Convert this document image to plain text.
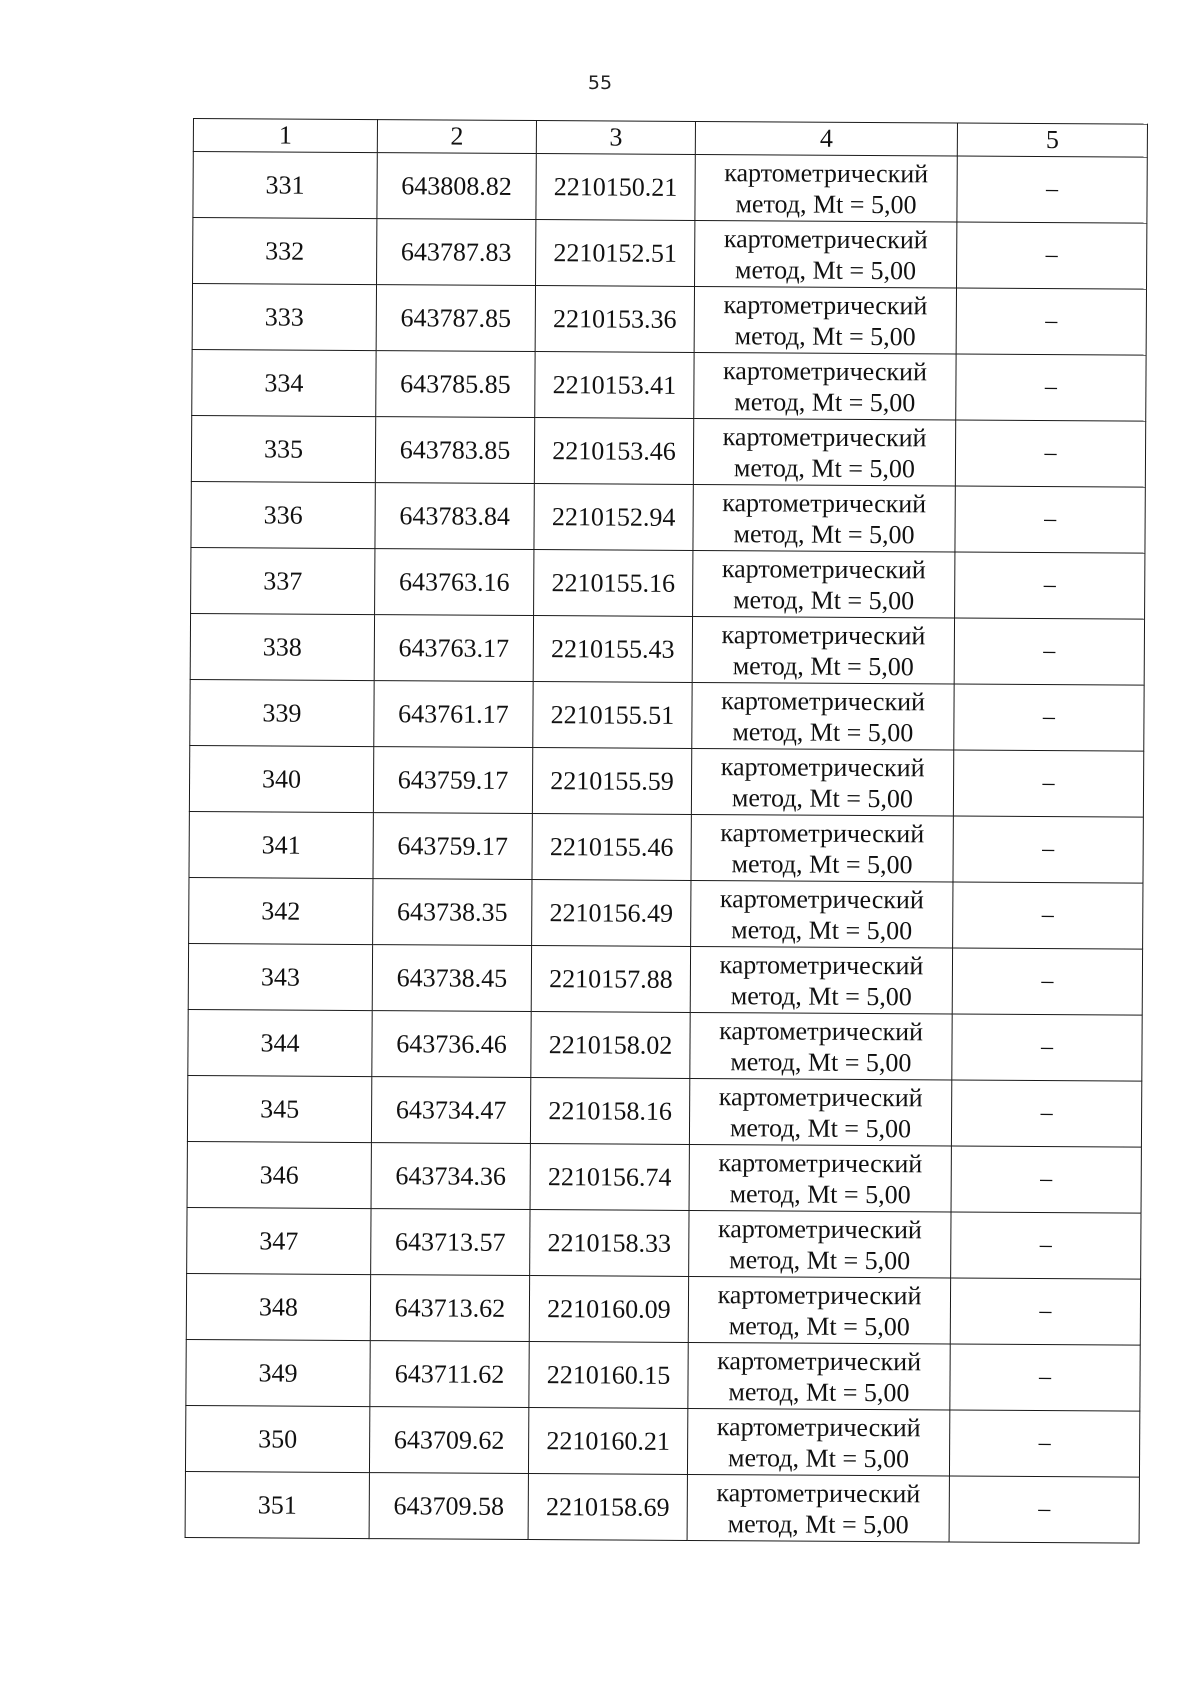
55
1	2	3	4	5
331	643808.82	2210150.21	картометрический
метод, Mt = 5,00	–
332	643787.83	2210152.51	картометрический
метод, Mt = 5,00	–
333	643787.85	2210153.36	картометрический
метод, Mt = 5,00	–
334	643785.85	2210153.41	картометрический
метод, Mt = 5,00	–
335	643783.85	2210153.46	картометрический
метод, Mt = 5,00	–
336	643783.84	2210152.94	картометрический
метод, Mt = 5,00	–
337	643763.16	2210155.16	картометрический
метод, Mt = 5,00	–
338	643763.17	2210155.43	картометрический
метод, Mt = 5,00	–
339	643761.17	2210155.51	картометрический
метод, Mt = 5,00	–
340	643759.17	2210155.59	картометрический
метод, Mt = 5,00	–
341	643759.17	2210155.46	картометрический
метод, Mt = 5,00	–
342	643738.35	2210156.49	картометрический
метод, Mt = 5,00	–
343	643738.45	2210157.88	картометрический
метод, Mt = 5,00	–
344	643736.46	2210158.02	картометрический
метод, Mt = 5,00	–
345	643734.47	2210158.16	картометрический
метод, Mt = 5,00	–
346	643734.36	2210156.74	картометрический
метод, Mt = 5,00	–
347	643713.57	2210158.33	картометрический
метод, Mt = 5,00	–
348	643713.62	2210160.09	картометрический
метод, Mt = 5,00	–
349	643711.62	2210160.15	картометрический
метод, Mt = 5,00	–
350	643709.62	2210160.21	картометрический
метод, Mt = 5,00	–
351	643709.58	2210158.69	картометрический
метод, Mt = 5,00	–
